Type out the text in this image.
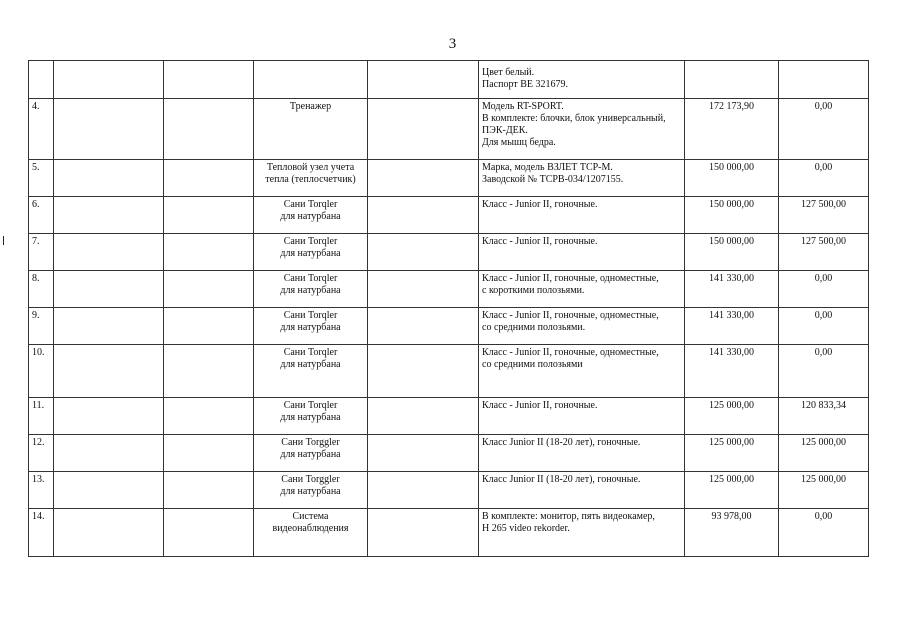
3
					Цвет белый.
Паспорт ВЕ 321679.		
4.			Тренажер		Модель RT-SPORT.
В комплекте: блочки, блок универсальный,
ПЭК-ДЕК.
Для мышц бедра.	172 173,90	0,00
5.			Тепловой узел учета
тепла (теплосчетчик)		Марка, модель ВЗЛЕТ ТСР-М.
Заводской № ТСРВ-034/1207155.	150 000,00	0,00
6.			Сани Torqler
для натурбана		Класс - Junior II, гоночные.	150 000,00	127 500,00
7.			Сани Torqler
для натурбана		Класс - Junior II, гоночные.	150 000,00	127 500,00
8.			Сани Torqler
для натурбана		Класс - Junior II, гоночные, одноместные,
с короткими полозьями.	141 330,00	0,00
9.			Сани Torqler
для натурбана		Класс - Junior II, гоночные, одноместные,
со средними полозьями.	141 330,00	0,00
10.			Сани Torqler
для натурбана		Класс - Junior II, гоночные, одноместные,
со средними полозьями	141 330,00	0,00
11.			Сани Torqler
для натурбана		Класс - Junior II, гоночные.	125 000,00	120 833,34
12.			Сани Torggler
для натурбана		Класс Junior II (18-20 лет), гоночные.	125 000,00	125 000,00
13.			Сани Torggler
для натурбана		Класс Junior II (18-20 лет), гоночные.	125 000,00	125 000,00
14.			Система
видеонаблюдения		В комплекте: монитор, пять видеокамер,
H 265 video rekorder.	93 978,00	0,00
